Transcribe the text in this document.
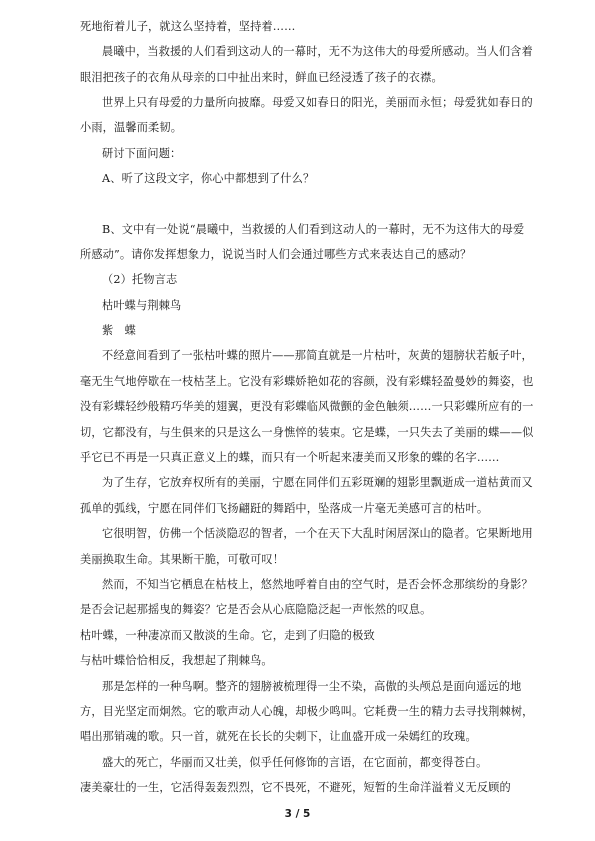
死地衔着儿子，就这么坚持着，坚持着……
晨曦中，当救援的人们看到这动人的一幕时，无不为这伟大的母爱所感动。当人们含着
眼泪把孩子的衣角从母亲的口中扯出来时，鲜血已经浸透了孩子的衣襟。
世界上只有母爱的力量所向披靡。母爱又如春日的阳光，美丽而永恒；母爱犹如春日的
小雨，温馨而柔韧。
研讨下面问题：
A、听了这段文字，你心中都想到了什么？
B、文中有一处说“晨曦中，当救援的人们看到这动人的一幕时，无不为这伟大的母爱
所感动”。请你发挥想象力，说说当时人们会通过哪些方式来表达自己的感动？
（2）托物言志
枯叶蝶与荆棘鸟
紫　蝶
不经意间看到了一张枯叶蝶的照片——那简直就是一片枯叶，灰黄的翅膀状若舨子叶，
毫无生气地停歇在一枝枯茎上。它没有彩蝶娇艳如花的容颜，没有彩蝶轻盈曼妙的舞姿，也
没有彩蝶轻纱般精巧华美的翅翼，更没有彩蝶临风微颤的金色触须……一只彩蝶所应有的一
切，它都没有，与生俱来的只是这么一身憔悴的装束。它是蝶，一只失去了美丽的蝶——似
乎它已不再是一只真正意义上的蝶，而只有一个听起来凄美而又形象的蝶的名字……
为了生存，它放弃权所有的美丽，宁愿在同伴们五彩斑斓的翅影里飘逝成一道枯黄而又
孤单的弧线，宁愿在同伴们飞扬翩跹的舞蹈中，坠落成一片毫无美感可言的枯叶。
它很明智，仿佛一个恬淡隐忍的智者，一个在天下大乱时闲居深山的隐者。它果断地用
美丽换取生命。其果断干脆，可敬可叹！
然而，不知当它栖息在枯枝上，悠然地呼着自由的空气时，是否会怀念那缤纷的身影？
是否会记起那摇曳的舞姿？它是否会从心底隐隐泛起一声怅然的叹息。
枯叶蝶，一种凄凉而又散淡的生命。它，走到了归隐的极致
与枯叶蝶恰恰相反，我想起了荆棘鸟。
那是怎样的一种鸟啊。整齐的翅膀被梳理得一尘不染，高傲的头颅总是面向遥远的地
方，目光坚定而炯然。它的歌声动人心魄，却极少鸣叫。它耗费一生的精力去寻找荆棘树，
唱出那销魂的歌。只一首，就死在长长的尖刺下，让血盛开成一朵嫣红的玫瑰。
盛大的死亡，华丽而又壮美，似乎任何修饰的言语，在它面前，都变得苍白。
凄美豪壮的一生，它活得轰轰烈烈，它不畏死，不避死，短暂的生命洋溢着义无反顾的
3 / 5
